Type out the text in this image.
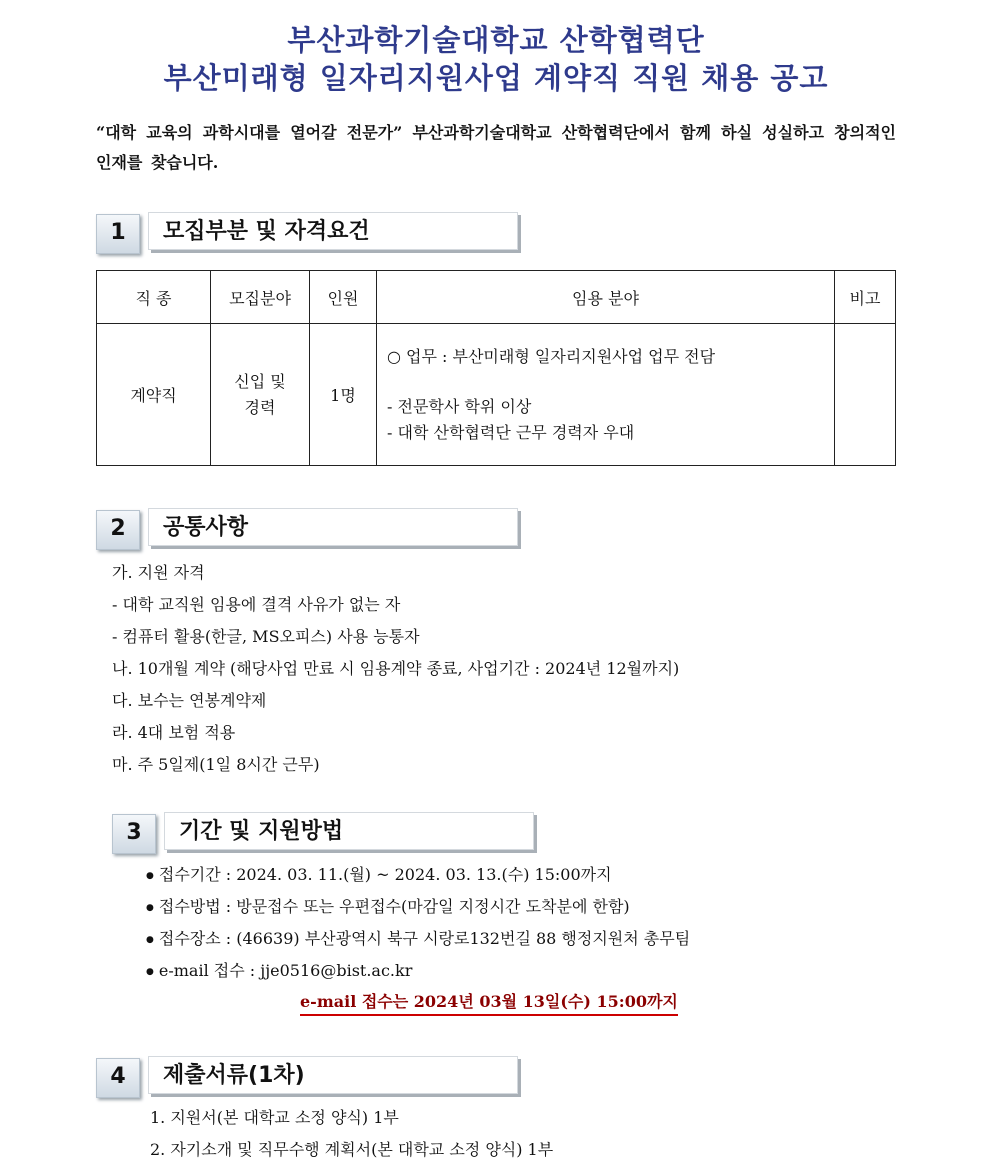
부산과학기술대학교 산학협력단
부산미래형 일자리지원사업 계약직 직원 채용 공고
“대학 교육의 과학시대를 열어갈 전문가” 부산과학기술대학교 산학협력단에서 함께 하실 성실하고 창의적인 인재를 찾습니다.
1	모집부분 및 자격요건
직 종	모집분야	인원	임용 분야	비고
계약직	신입 및 경력	1명	○ 업무 : 부산미래형 일자리지원사업 업무 전담
- 전문학사 학위 이상
- 대학 산학협력단 근무 경력자 우대	

2	공통사항
가. 지원 자격
- 대학 교직원 임용에 결격 사유가 없는 자
- 컴퓨터 활용(한글, MS오피스) 사용 능통자
나. 10개월 계약 (해당사업 만료 시 임용계약 종료, 사업기간 : 2024년 12월까지)
다. 보수는 연봉계약제
라. 4대 보험 적용
마. 주 5일제(1일 8시간 근무)
3	기간 및 지원방법
● 접수기간 : 2024. 03. 11.(월) ~ 2024. 03. 13.(수) 15:00까지
● 접수방법 : 방문접수 또는 우편접수(마감일 지정시간 도착분에 한함)
● 접수장소 : (46639) 부산광역시 북구 시랑로132번길 88 행정지원처 총무팀
● e-mail 접수 : jje0516@bist.ac.kr
e-mail 접수는 2024년 03월 13일(수) 15:00까지
4	제출서류(1차)
1. 지원서(본 대학교 소정 양식) 1부
2. 자기소개 및 직무수행 계획서(본 대학교 소정 양식) 1부
